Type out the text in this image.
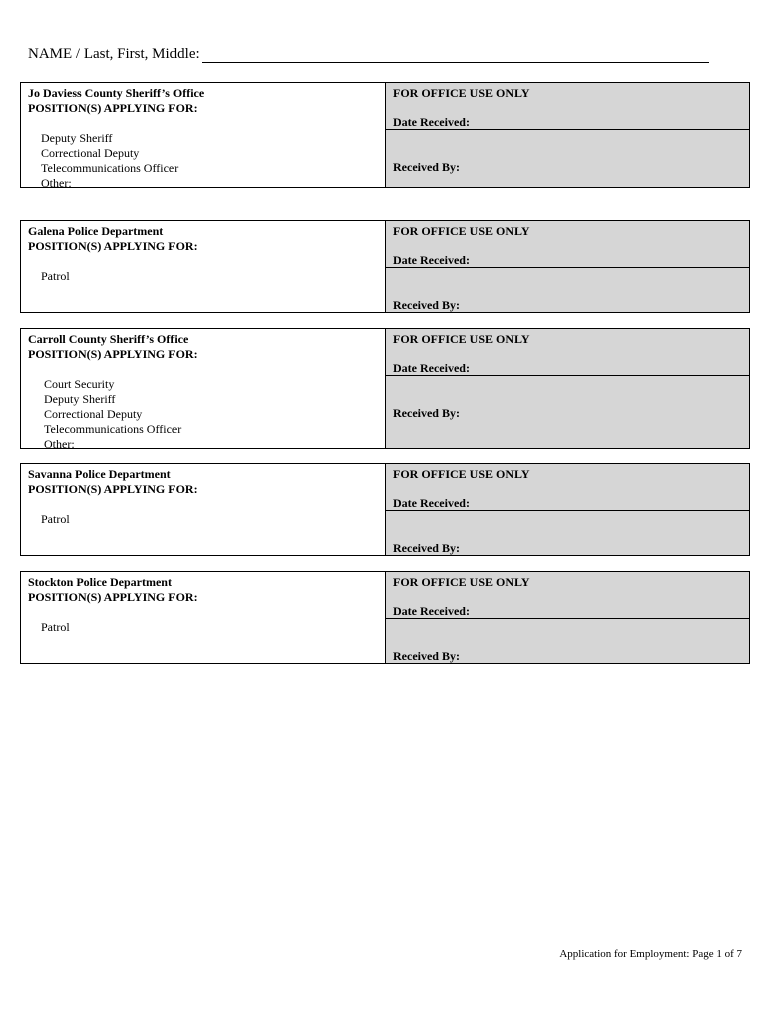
NAME / Last, First, Middle:
Jo Daviess County Sheriff’s Office
POSITION(S) APPLYING FOR:
Deputy Sheriff
Correctional Deputy
Telecommunications Officer
Other:
FOR OFFICE USE ONLY
Date Received:
Received By:
Galena Police Department
POSITION(S) APPLYING FOR:
Patrol
FOR OFFICE USE ONLY
Date Received:
Received By:
Carroll County Sheriff’s Office
POSITION(S) APPLYING FOR:
Court Security
Deputy Sheriff
Correctional Deputy
Telecommunications Officer
Other:
FOR OFFICE USE ONLY
Date Received:
Received By:
Savanna Police Department
POSITION(S) APPLYING FOR:
Patrol
FOR OFFICE USE ONLY
Date Received:
Received By:
Stockton Police Department
POSITION(S) APPLYING FOR:
Patrol
FOR OFFICE USE ONLY
Date Received:
Received By:
Application for Employment: Page 1 of 7
